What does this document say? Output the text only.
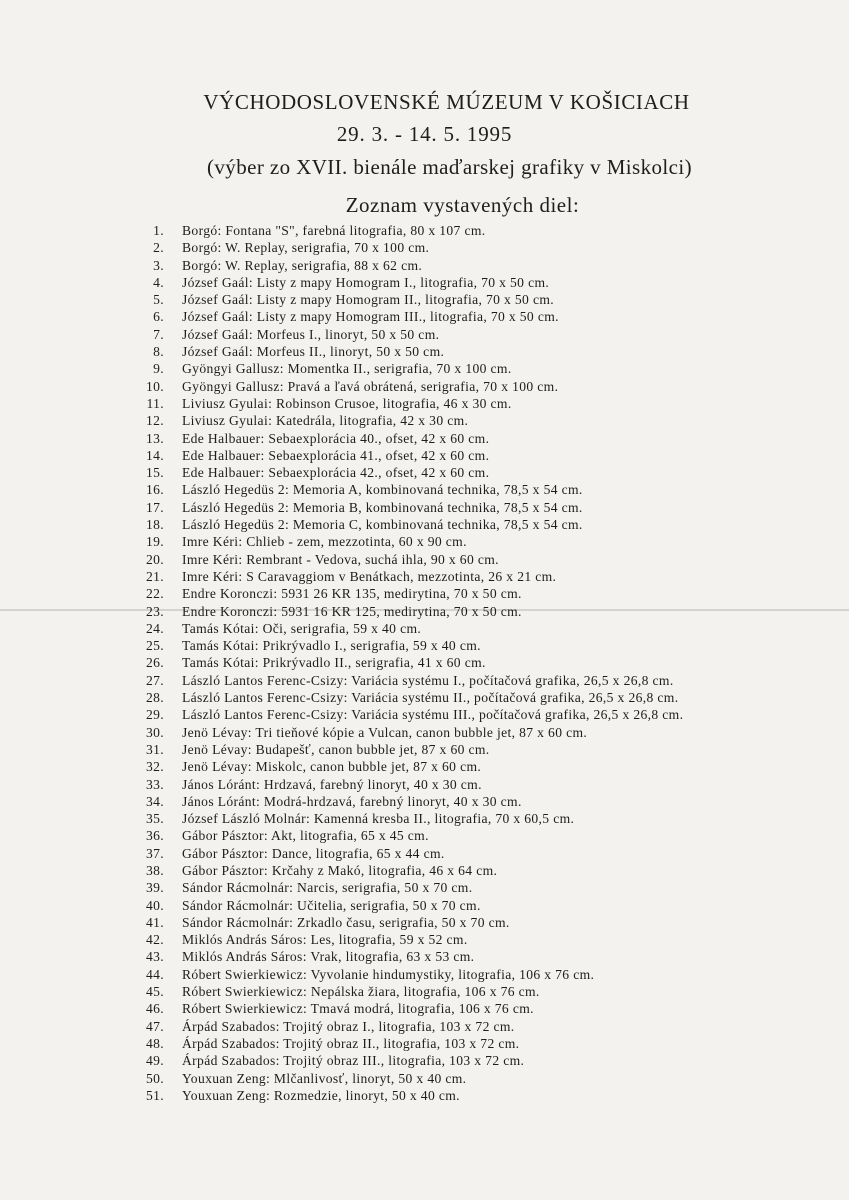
VÝCHODOSLOVENSKÉ MÚZEUM V KOŠICIACH
29. 3. - 14. 5. 1995
(výber zo XVII. bienále maďarskej grafiky v Miskolci)
Zoznam vystavených diel:
1. Borgó: Fontana "S", farebná litografia, 80 x 107 cm.
2. Borgó: W. Replay, serigrafia, 70 x 100 cm.
3. Borgó: W. Replay, serigrafia, 88 x 62 cm.
4. József Gaál: Listy z mapy Homogram I., litografia, 70 x 50 cm.
5. József Gaál: Listy z mapy Homogram II., litografia, 70 x 50 cm.
6. József Gaál: Listy z mapy Homogram III., litografia, 70 x 50 cm.
7. József Gaál: Morfeus I., linoryt, 50 x 50 cm.
8. József Gaál: Morfeus II., linoryt, 50 x 50 cm.
9. Gyöngyi Gallusz: Momentka II., serigrafia, 70 x 100 cm.
10. Gyöngyi Gallusz: Pravá a ľavá obrátená, serigrafia, 70 x 100 cm.
11. Liviusz Gyulai: Robinson Crusoe, litografia, 46 x 30 cm.
12. Liviusz Gyulai: Katedrála, litografia, 42 x 30 cm.
13. Ede Halbauer: Sebaexplorácia 40., ofset, 42 x 60 cm.
14. Ede Halbauer: Sebaexplorácia 41., ofset, 42 x 60 cm.
15. Ede Halbauer: Sebaexplorácia 42., ofset, 42 x 60 cm.
16. László Hegedüs 2: Memoria A, kombinovaná technika, 78,5 x 54 cm.
17. László Hegedüs 2: Memoria B, kombinovaná technika, 78,5 x 54 cm.
18. László Hegedüs 2: Memoria C, kombinovaná technika, 78,5 x 54 cm.
19. Imre Kéri: Chlieb - zem, mezzotinta, 60 x 90 cm.
20. Imre Kéri: Rembrant - Vedova, suchá ihla, 90 x 60 cm.
21. Imre Kéri: S Caravaggiom v Benátkach, mezzotinta, 26 x 21 cm.
22. Endre Koronczi: 5931 26 KR 135, medirytina, 70 x 50 cm.
23. Endre Koronczi: 5931 16 KR 125, medirytina, 70 x 50 cm.
24. Tamás Kótai: Oči, serigrafia, 59 x 40 cm.
25. Tamás Kótai: Prikrývadlo I., serigrafia, 59 x 40 cm.
26. Tamás Kótai: Prikrývadlo II., serigrafia, 41 x 60 cm.
27. László Lantos Ferenc-Csizy: Variácia systému I., počítačová grafika, 26,5 x 26,8 cm.
28. László Lantos Ferenc-Csizy: Variácia systému II., počítačová grafika, 26,5 x 26,8 cm.
29. László Lantos Ferenc-Csizy: Variácia systému III., počítačová grafika, 26,5 x 26,8 cm.
30. Jenö Lévay: Tri tieňové kópie a Vulcan, canon bubble jet, 87 x 60 cm.
31. Jenö Lévay: Budapešť, canon bubble jet, 87 x 60 cm.
32. Jenö Lévay: Miskolc, canon bubble jet, 87 x 60 cm.
33. János Lóránt: Hrdzavá, farebný linoryt, 40 x 30 cm.
34. János Lóránt: Modrá-hrdzavá, farebný linoryt, 40 x 30 cm.
35. József László Molnár: Kamenná kresba II., litografia, 70 x 60,5 cm.
36. Gábor Pásztor: Akt, litografia, 65 x 45 cm.
37. Gábor Pásztor: Dance, litografia, 65 x 44 cm.
38. Gábor Pásztor: Krčahy z Makó, litografia, 46 x 64 cm.
39. Sándor Rácmolnár: Narcis, serigrafia, 50 x 70 cm.
40. Sándor Rácmolnár: Učitelia, serigrafia, 50 x 70 cm.
41. Sándor Rácmolnár: Zrkadlo času, serigrafia, 50 x 70 cm.
42. Miklós András Sáros: Les, litografia, 59 x 52 cm.
43. Miklós András Sáros: Vrak, litografia, 63 x 53 cm.
44. Róbert Swierkiewicz: Vyvolanie hindumystiky, litografia, 106 x 76 cm.
45. Róbert Swierkiewicz: Nepálska žiara, litografia, 106 x 76 cm.
46. Róbert Swierkiewicz: Tmavá modrá, litografia, 106 x 76 cm.
47. Árpád Szabados: Trojitý obraz I., litografia, 103 x 72 cm.
48. Árpád Szabados: Trojitý obraz II., litografia, 103 x 72 cm.
49. Árpád Szabados: Trojitý obraz III., litografia, 103 x 72 cm.
50. Youxuan Zeng: Mlčanlivosť, linoryt, 50 x 40 cm.
51. Youxuan Zeng: Rozmedzie, linoryt, 50 x 40 cm.
